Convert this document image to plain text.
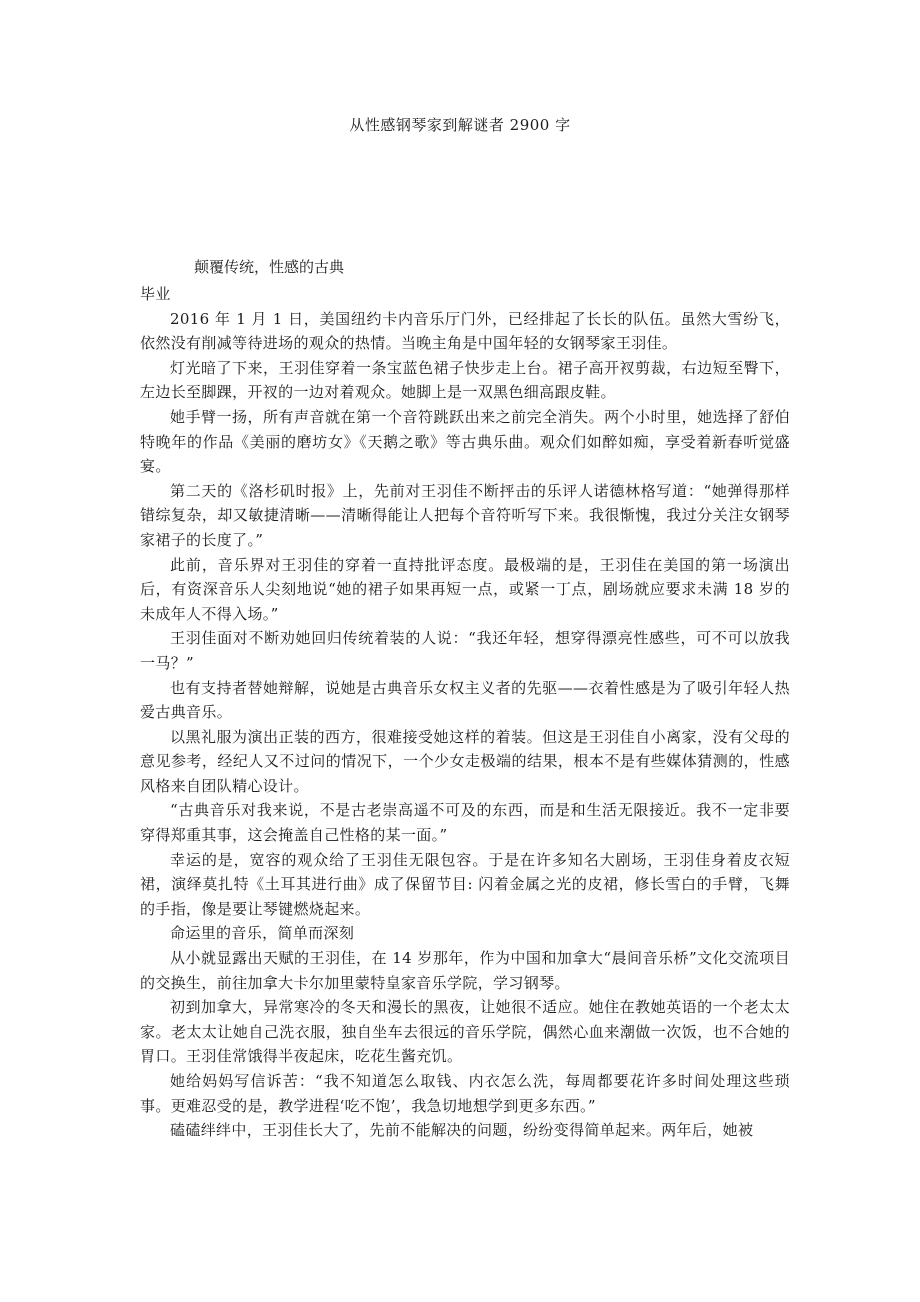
从性感钢琴家到解谜者 2900 字

颠覆传统，性感的古典

毕业

2016 年 1 月 1 日，美国纽约卡内音乐厅门外，已经排起了长长的队伍。虽然大雪纷飞，依然没有削减等待进场的观众的热情。当晚主角是中国年轻的女钢琴家王羽佳。

灯光暗了下来，王羽佳穿着一条宝蓝色裙子快步走上台。裙子高开衩剪裁，右边短至臀下，左边长至脚踝，开衩的一边对着观众。她脚上是一双黑色细高跟皮鞋。

她手臂一扬，所有声音就在第一个音符跳跃出来之前完全消失。两个小时里，她选择了舒伯特晚年的作品《美丽的磨坊女》《天鹅之歌》等古典乐曲。观众们如醉如痴，享受着新春听觉盛宴。

第二天的《洛杉矶时报》上，先前对王羽佳不断抨击的乐评人诺德林格写道：“她弹得那样错综复杂，却又敏捷清晰——清晰得能让人把每个音符听写下来。我很惭愧，我过分关注女钢琴家裙子的长度了。”

此前，音乐界对王羽佳的穿着一直持批评态度。最极端的是，王羽佳在美国的第一场演出后，有资深音乐人尖刻地说“她的裙子如果再短一点，或紧一丁点，剧场就应要求未满 18 岁的未成年人不得入场。”

王羽佳面对不断劝她回归传统着装的人说：“我还年轻，想穿得漂亮性感些，可不可以放我一马？”

也有支持者替她辩解，说她是古典音乐女权主义者的先驱——衣着性感是为了吸引年轻人热爱古典音乐。

以黑礼服为演出正装的西方，很难接受她这样的着装。但这是王羽佳自小离家，没有父母的意见参考，经纪人又不过问的情况下，一个少女走极端的结果，根本不是有些媒体猜测的，性感风格来自团队精心设计。

“古典音乐对我来说，不是古老崇高遥不可及的东西，而是和生活无限接近。我不一定非要穿得郑重其事，这会掩盖自己性格的某一面。”

幸运的是，宽容的观众给了王羽佳无限包容。于是在许多知名大剧场，王羽佳身着皮衣短裙，演绎莫扎特《土耳其进行曲》成了保留节目: 闪着金属之光的皮裙，修长雪白的手臂，飞舞的手指，像是要让琴键燃烧起来。

命运里的音乐，简单而深刻

从小就显露出天赋的王羽佳，在 14 岁那年，作为中国和加拿大“晨间音乐桥”文化交流项目的交换生，前往加拿大卡尔加里蒙特皇家音乐学院，学习钢琴。

初到加拿大，异常寒冷的冬天和漫长的黑夜，让她很不适应。她住在教她英语的一个老太太家。老太太让她自己洗衣服，独自坐车去很远的音乐学院，偶然心血来潮做一次饭，也不合她的胃口。王羽佳常饿得半夜起床，吃花生酱充饥。

她给妈妈写信诉苦：“我不知道怎么取钱、内衣怎么洗，每周都要花许多时间处理这些琐事。更难忍受的是，教学进程‘吃不饱’，我急切地想学到更多东西。”

磕磕绊绊中，王羽佳长大了，先前不能解决的问题，纷纷变得简单起来。两年后，她被
